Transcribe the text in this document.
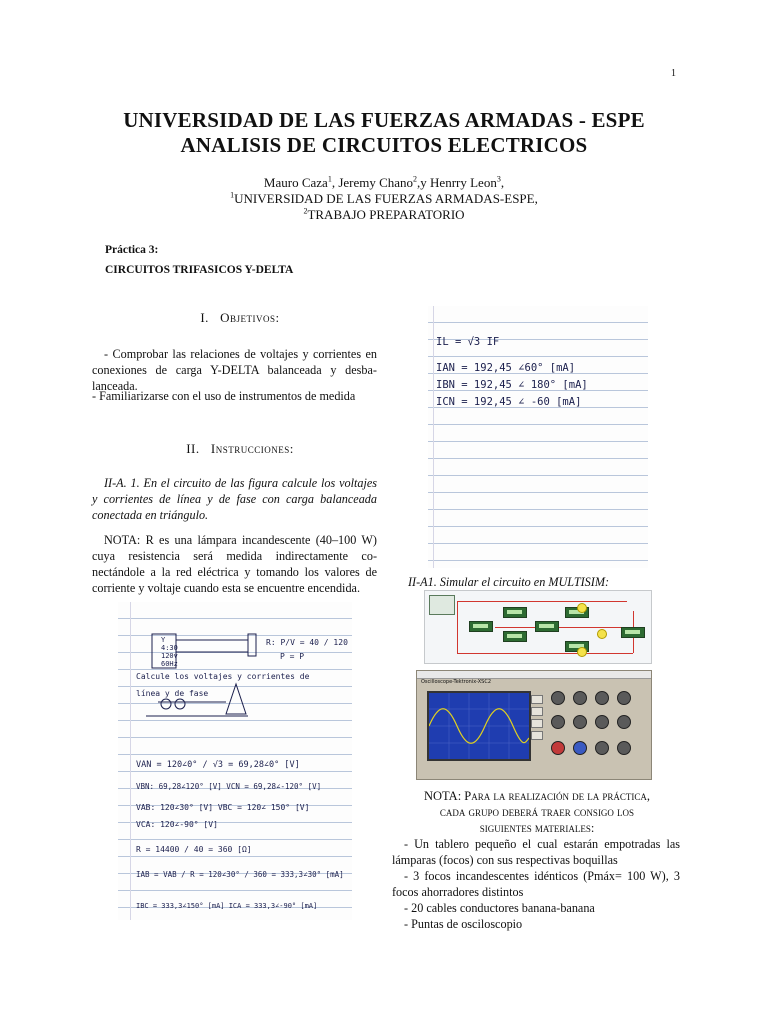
1
UNIVERSIDAD DE LAS FUERZAS ARMADAS - ESPE
ANALISIS DE CIRCUITOS ELECTRICOS
Mauro Caza$^1$, Jeremy Chano$^2$,y Henrry Leon$^3$,
$^1$UNIVERSIDAD DE LAS FUERZAS ARMADAS-ESPE,
$^2$TRABAJO PREPARATORIO
Práctica 3:
CIRCUITOS TRIFASICOS Y-DELTA
I. Objetivos:
- Comprobar las relaciones de voltajes y corrientes en conexiones de carga Y-DELTA balanceada y desba-lanceada.
- Familiarizarse con el uso de instrumentos de medida
II. Instrucciones:
II-A. 1. En el circuito de las figura calcule los voltajes y corrientes de línea y de fase con carga balanceada conectada en triángulo.
NOTA: R es una lámpara incandescente (40–100 W) cuya resistencia será medida indirectamente co-nectándole a la red eléctrica y tomando los valores de corriente y voltaje cuando esta se encuentre encendida.
Y
4:30
120v
60Hz
R: P/V = 40 / 120
P = P
Calcule los voltajes y corrientes de línea y de fase
VAN = 120∠0° / √3 = 69,28∠0° [V]
VBN: 69,28∠120° [V] VCN = 69,28∠-120° [V]
VAB: 120∠30° [V] VBC = 120∠ 150° [V]
VCA: 120∠-90° [V]
R = 14400 / 40 = 360 [Ω]
IAB = VAB / R = 120∠30° / 360 = 333,3∠30° [mA]
IBC = 333,3∠150° [mA] ICA = 333,3∠-90° [mA]
IL = √3 IF
IAN = 192,45 ∠60° [mA]
IBN = 192,45 ∠ 180° [mA]
ICN = 192,45 ∠ -60 [mA]
II-A1. Simular el circuito en MULTISIM:
Oscilloscope-Tektronix-XSC2
NOTA: Para la realización de la práctica,
cada grupo deberá traer consigo los
siguientes materiales:
- Un tablero pequeño el cual estarán empotradas las lámparas (focos) con sus respectivas boquillas
- 3 focos incandescentes idénticos (Pmáx= 100 W), 3 focos ahorradores distintos
- 20 cables conductores banana-banana
- Puntas de osciloscopio
